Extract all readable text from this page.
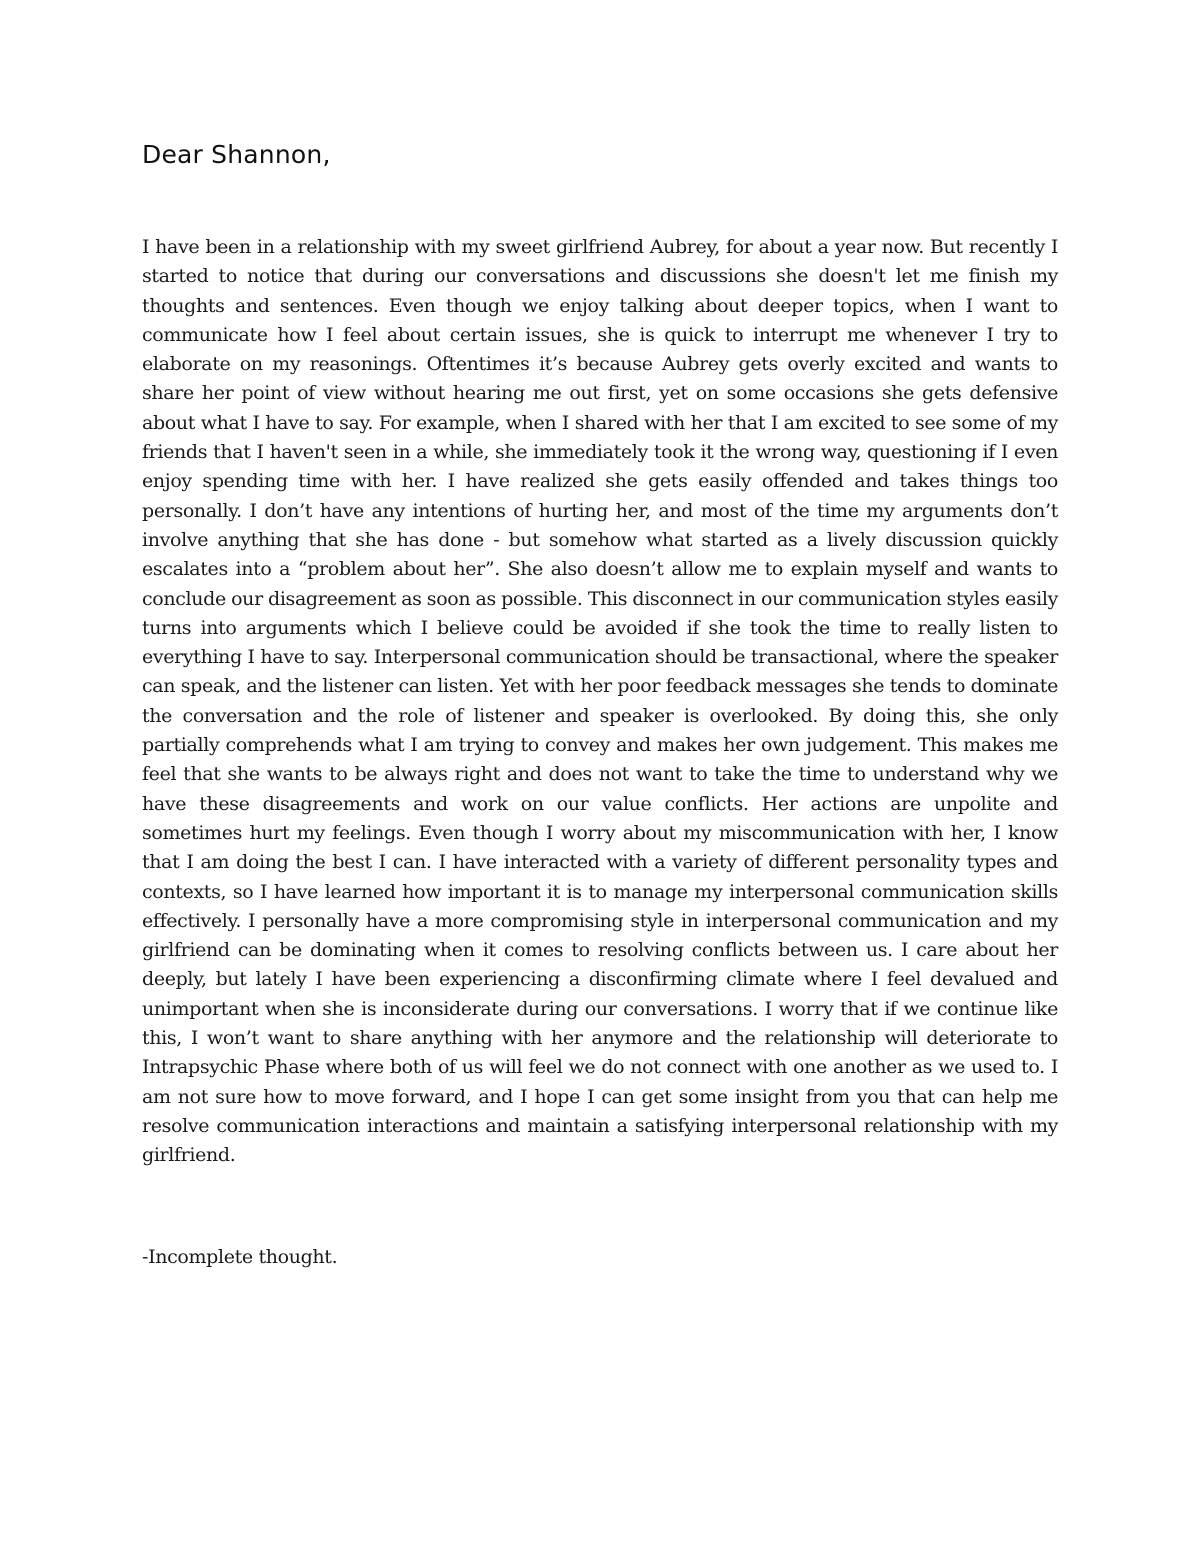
Dear Shannon,

I have been in a relationship with my sweet girlfriend Aubrey, for about a year now. But recently I started to notice that during our conversations and discussions she doesn't let me finish my thoughts and sentences. Even though we enjoy talking about deeper topics, when I want to communicate how I feel about certain issues, she is quick to interrupt me whenever I try to elaborate on my reasonings. Oftentimes it’s because Aubrey gets overly excited and wants to share her point of view without hearing me out first, yet on some occasions she gets defensive about what I have to say. For example, when I shared with her that I am excited to see some of my friends that I haven't seen in a while, she immediately took it the wrong way, questioning if I even enjoy spending time with her. I have realized she gets easily offended and takes things too personally. I don’t have any intentions of hurting her, and most of the time my arguments don’t involve anything that she has done - but somehow what started as a lively discussion quickly escalates into a “problem about her”. She also doesn’t allow me to explain myself and wants to conclude our disagreement as soon as possible. This disconnect in our communication styles easily turns into arguments which I believe could be avoided if she took the time to really listen to everything I have to say. Interpersonal communication should be transactional, where the speaker can speak, and the listener can listen. Yet with her poor feedback messages she tends to dominate the conversation and the role of listener and speaker is overlooked. By doing this, she only partially comprehends what I am trying to convey and makes her own judgement. This makes me feel that she wants to be always right and does not want to take the time to understand why we have these disagreements and work on our value conflicts. Her actions are unpolite and sometimes hurt my feelings. Even though I worry about my miscommunication with her, I know that I am doing the best I can. I have interacted with a variety of different personality types and contexts, so I have learned how important it is to manage my interpersonal communication skills effectively. I personally have a more compromising style in interpersonal communication and my girlfriend can be dominating when it comes to resolving conflicts between us. I care about her deeply, but lately I have been experiencing a disconfirming climate where I feel devalued and unimportant when she is inconsiderate during our conversations. I worry that if we continue like this, I won’t want to share anything with her anymore and the relationship will deteriorate to Intrapsychic Phase where both of us will feel we do not connect with one another as we used to. I am not sure how to move forward, and I hope I can get some insight from you that can help me resolve communication interactions and maintain a satisfying interpersonal relationship with my girlfriend.

-Incomplete thought.
